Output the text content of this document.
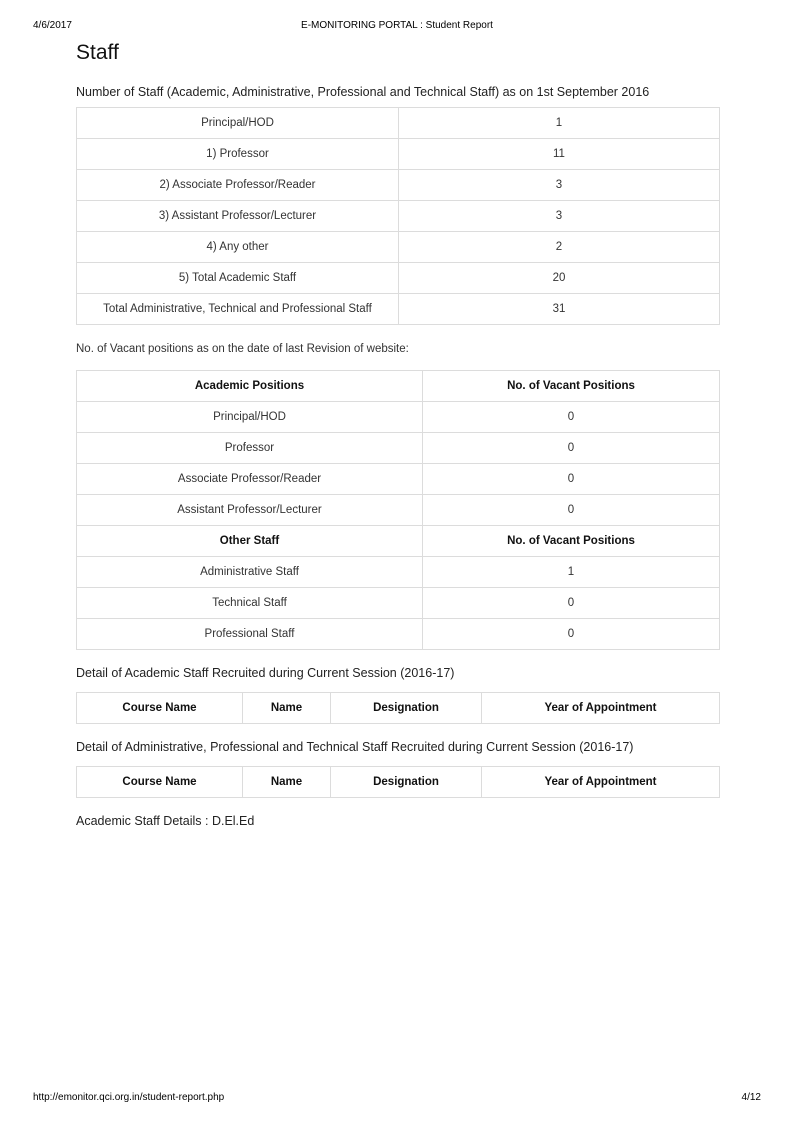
4/6/2017	E-MONITORING PORTAL : Student Report
Staff

Number of Staff (Academic, Administrative, Professional and Technical Staff) as on 1st September 2016

Principal/HOD	1
1) Professor	11
2) Associate Professor/Reader	3
3) Assistant Professor/Lecturer	3
4) Any other	2
5) Total Academic Staff	20
Total Administrative, Technical and Professional Staff	31

No. of Vacant positions as on the date of last Revision of website:

Academic Positions	No. of Vacant Positions
Principal/HOD	0
Professor	0
Associate Professor/Reader	0
Assistant Professor/Lecturer	0
Other Staff	No. of Vacant Positions
Administrative Staff	1
Technical Staff	0
Professional Staff	0

Detail of Academic Staff Recruited during Current Session (2016-17)

Course Name	Name	Designation	Year of Appointment

Detail of Administrative, Professional and Technical Staff Recruited during Current Session (2016-17)

Course Name	Name	Designation	Year of Appointment

Academic Staff Details : D.El.Ed

http://emonitor.qci.org.in/student-report.php	4/12
